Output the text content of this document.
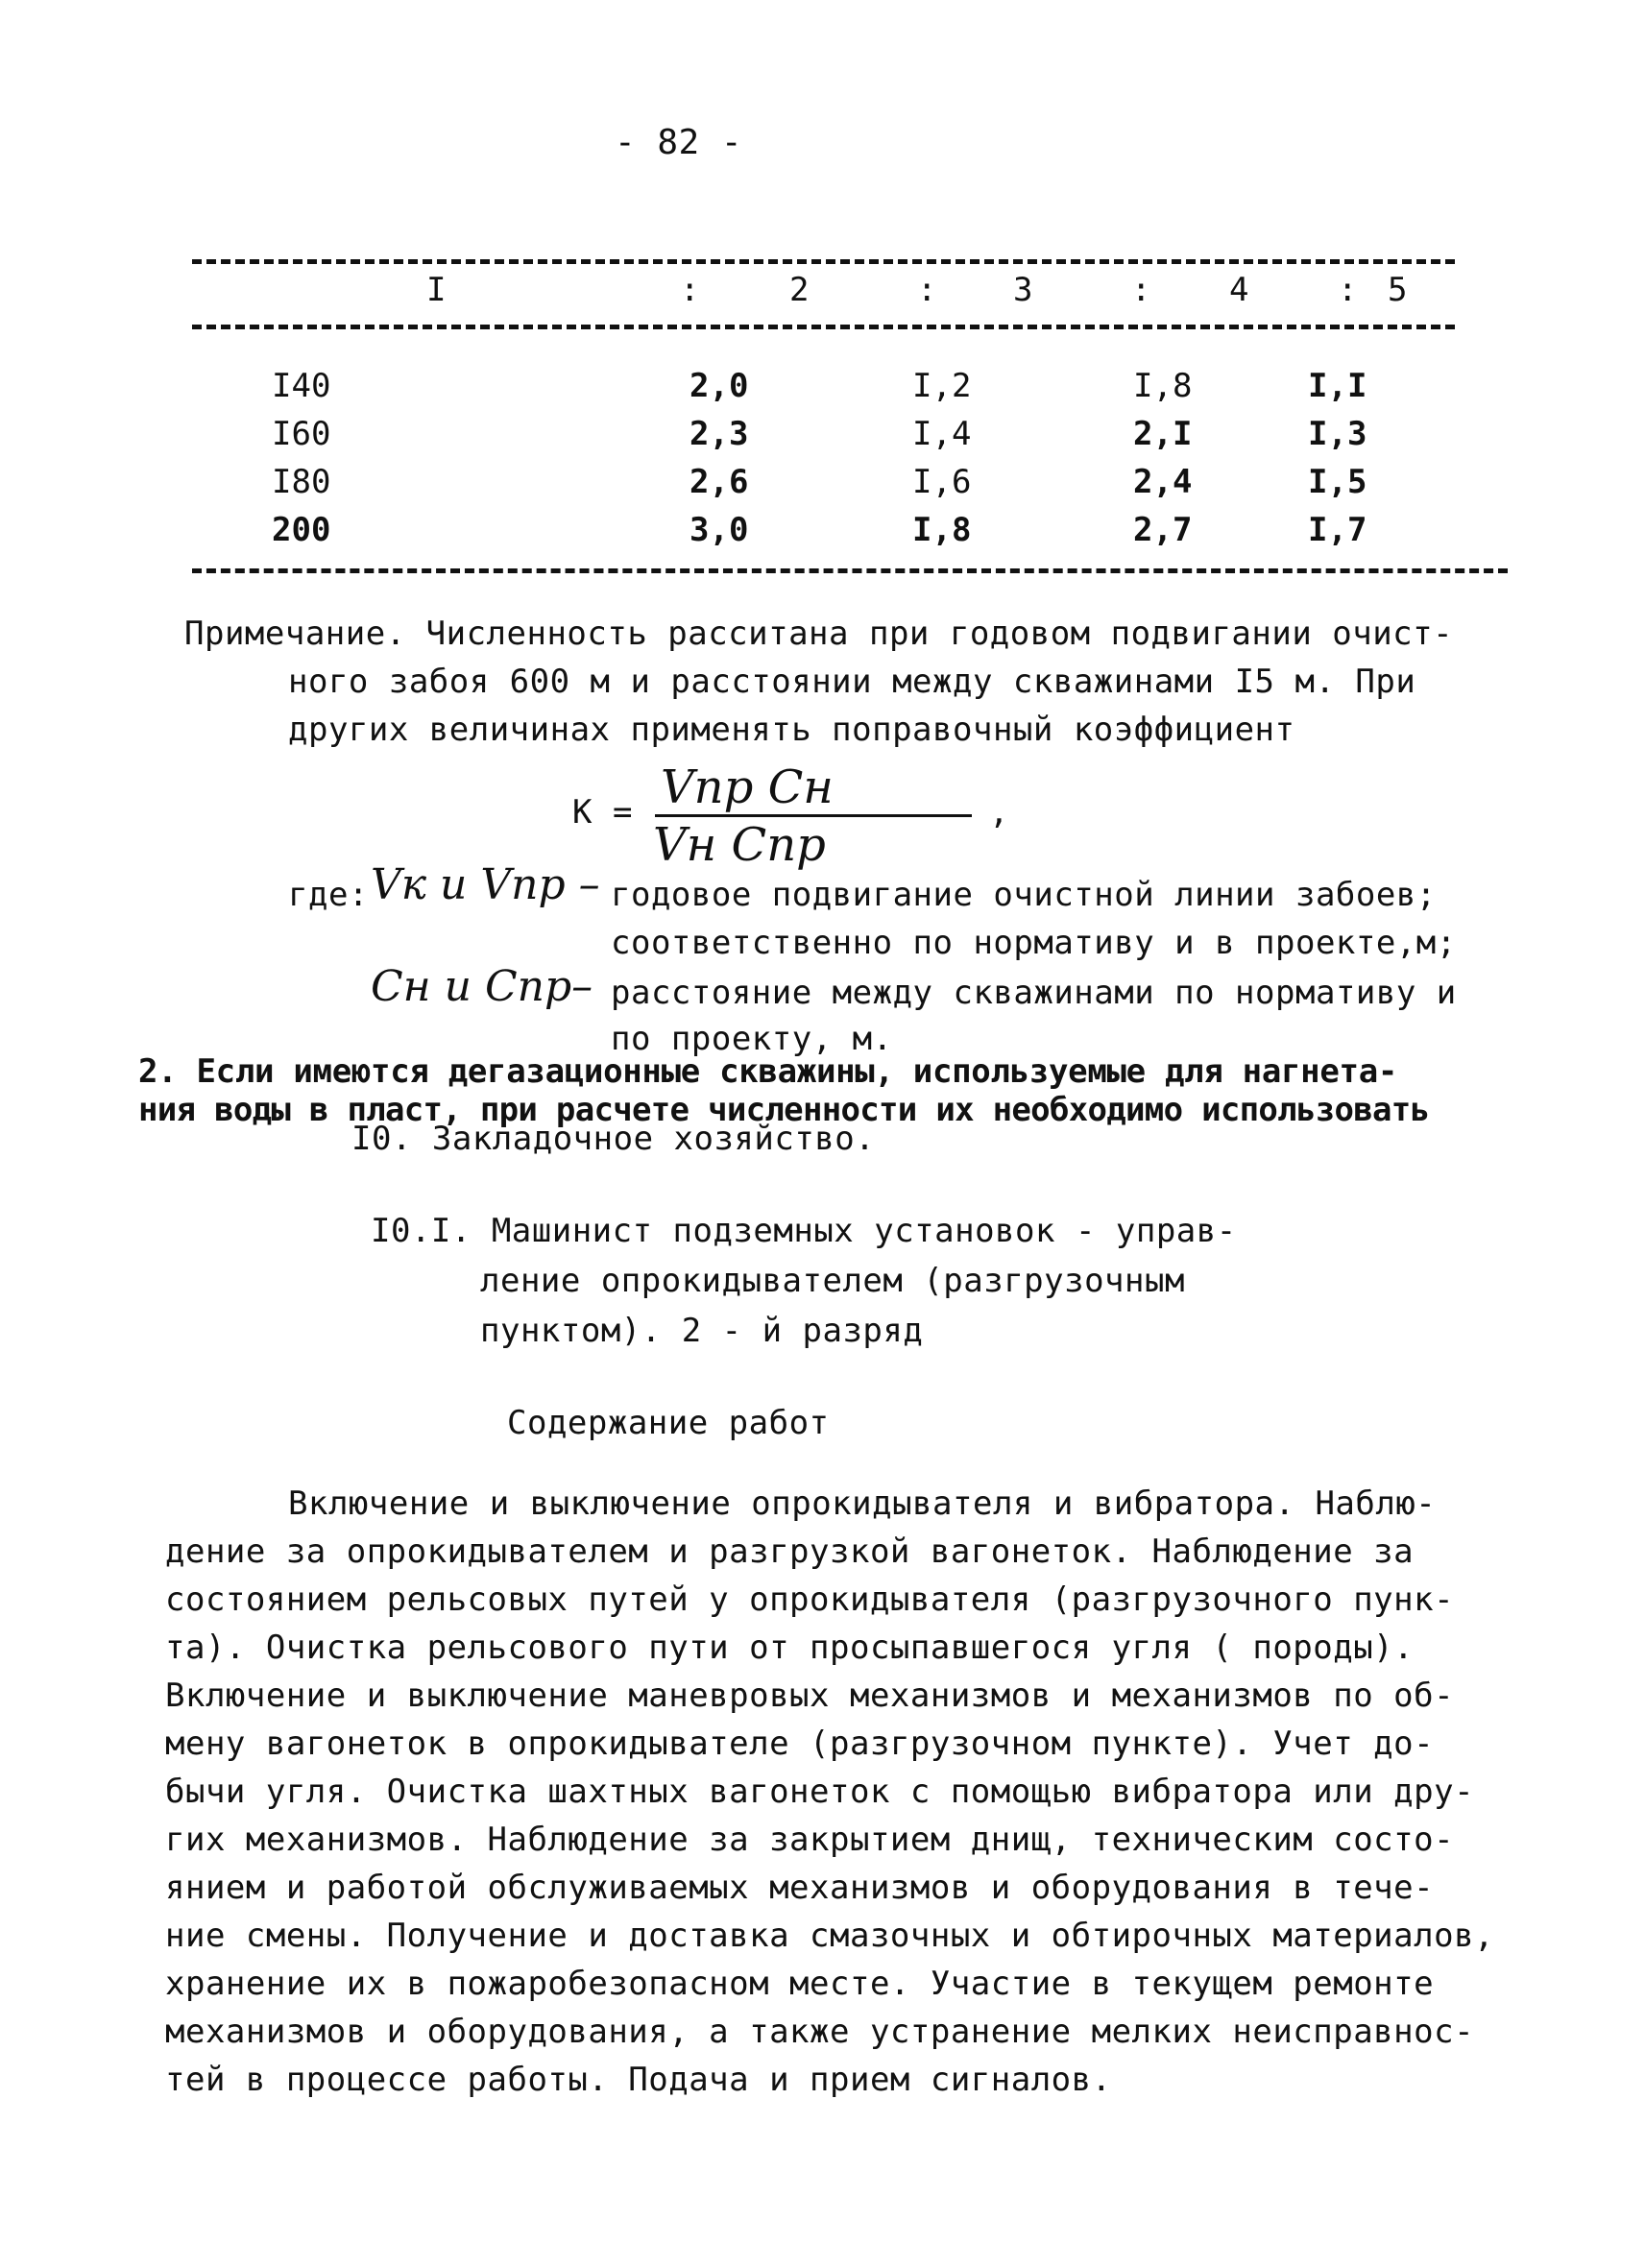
- 82 -
I	:	2	: 3	: 4	: 5
I40	2,0	I,2	I,8	I,I
I60	2,3	I,4	2,I	I,3
I80	2,6	I,6	2,4	I,5
200	3,0	I,8	2,7	I,7
Примечание. Численность расситана при годовом подвигании очист-
ного забоя 600 м и расстоянии между скважинами I5 м. При
других величинах применять поправочный коэффициент
K = Vпр Сн
Vн Спр
,
где: Vк и Vпр – годовое подвигание очистной линии забоев;
соответственно по нормативу и в проекте,м;
Сн и Спр– расстояние между скважинами по нормативу и
по проекту, м.
2. Если имеются дегазационные скважины, используемые для нагнета-
ния воды в пласт, при расчете численности их необходимо использовать
I0. Закладочное хозяйство.
I0.I. Машинист подземных установок - управ-
ление опрокидывателем (разгрузочным
пунктом). 2 - й разряд
Содержание работ
Включение и выключение опрокидывателя и вибратора. Наблю-
дение за опрокидывателем и разгрузкой вагонеток. Наблюдение за
состоянием рельсовых путей у опрокидывателя (разгрузочного пунк-
та). Очистка рельсового пути от просыпавшегося угля ( породы).
Включение и выключение маневровых механизмов и механизмов по об-
мену вагонеток в опрокидывателе (разгрузочном пункте). Учет до-
бычи угля. Очистка шахтных вагонеток с помощью вибратора или дру-
гих механизмов. Наблюдение за закрытием днищ, техническим состо-
янием и работой обслуживаемых механизмов и оборудования в тече-
ние смены. Получение и доставка смазочных и обтирочных материалов,
хранение их в пожаробезопасном месте. Участие в текущем ремонте
механизмов и оборудования, а также устранение мелких неисправнос-
тей в процессе работы. Подача и прием сигналов.
